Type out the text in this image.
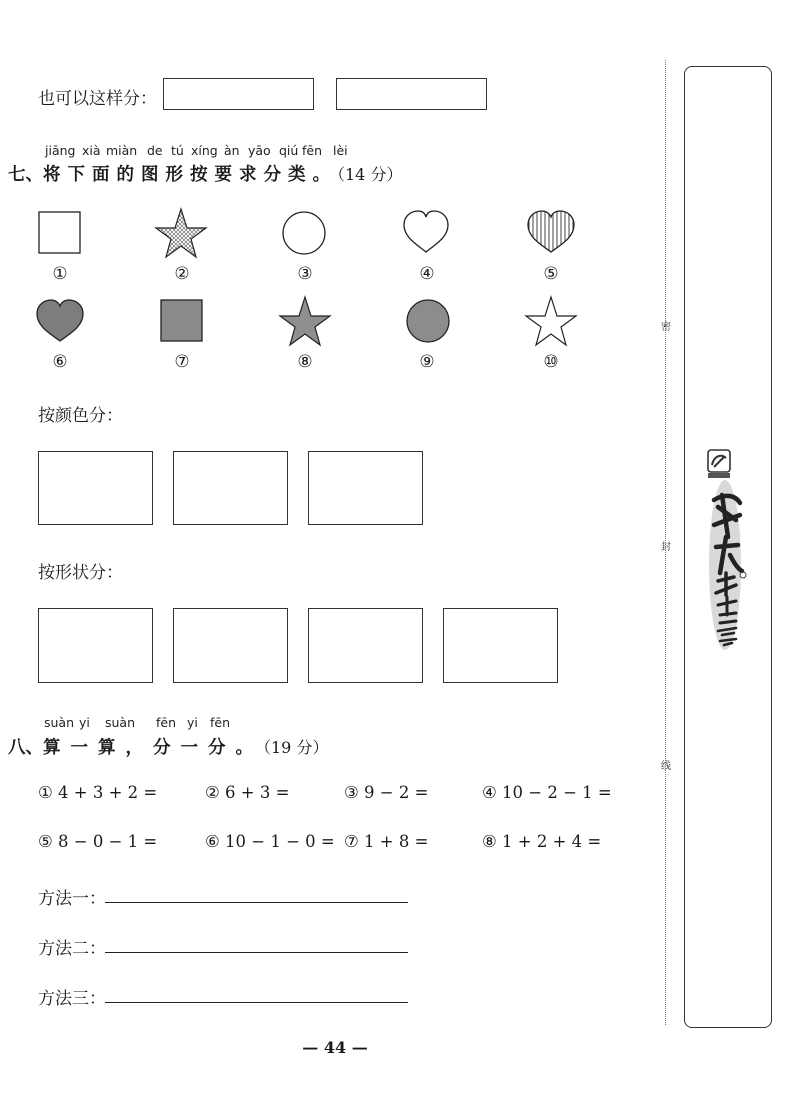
也可以这样分：
jiāng xià miàn de tú xíng àn yāo qiú fēn lèi
七、将下面的图形按要求分类。（14 分）
①	②	③	④	⑤
⑥	⑦	⑧	⑨	⑩
按颜色分：
按形状分：
suàn yi suàn fēn yi fēn
八、算一算，分一分。（19 分）
① 4 + 3 + 2 =	② 6 + 3 =	③ 9 − 2 =	④ 10 − 2 − 1 =
⑤ 8 − 0 − 1 =	⑥ 10 − 1 − 0 = ⑦ 1 + 8 =	⑧ 1 + 2 + 4 =
方法一：
方法二：
方法三：
密
封
线
— 44 —
